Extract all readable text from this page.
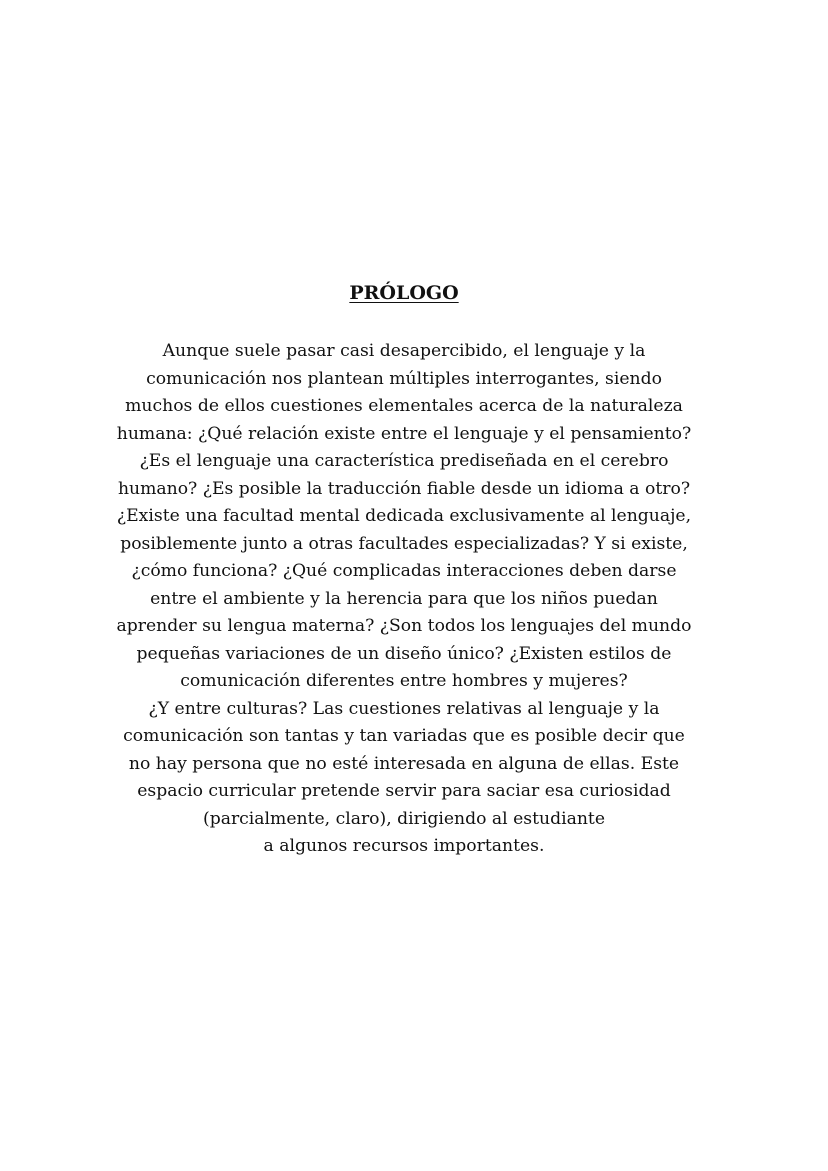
PRÓLOGO
Aunque suele pasar casi desapercibido, el lenguaje y la
comunicación nos plantean múltiples interrogantes, siendo
muchos de ellos cuestiones elementales acerca de la naturaleza
humana: ¿Qué relación existe entre el lenguaje y el pensamiento?
¿Es el lenguaje una característica prediseñada en el cerebro
humano? ¿Es posible la traducción fiable desde un idioma a otro?
¿Existe una facultad mental dedicada exclusivamente al lenguaje,
posiblemente junto a otras facultades especializadas? Y si existe,
¿cómo funciona? ¿Qué complicadas interacciones deben darse
entre el ambiente y la herencia para que los niños puedan
aprender su lengua materna? ¿Son todos los lenguajes del mundo
pequeñas variaciones de un diseño único? ¿Existen estilos de
comunicación diferentes entre hombres y mujeres?
¿Y entre culturas? Las cuestiones relativas al lenguaje y la
comunicación son tantas y tan variadas que es posible decir que
no hay persona que no esté interesada en alguna de ellas. Este
espacio curricular pretende servir para saciar esa curiosidad
(parcialmente, claro), dirigiendo al estudiante
a algunos recursos importantes.
